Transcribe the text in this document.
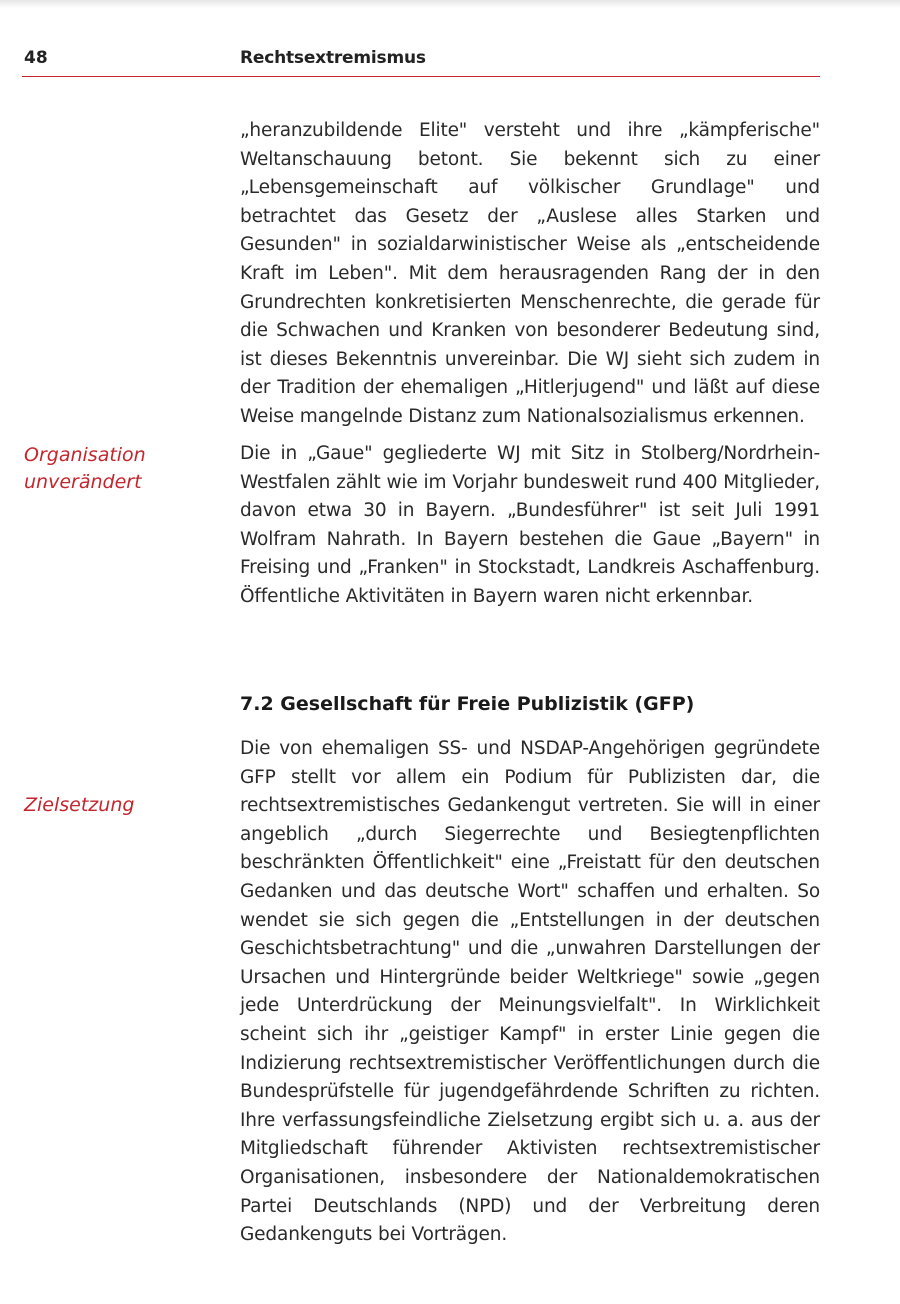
48	Rechtsextremismus

„heranzubildende Elite" versteht und ihre „kämpferische" Weltanschauung betont. Sie bekennt sich zu einer „Lebensgemeinschaft auf völkischer Grundlage" und betrachtet das Gesetz der „Auslese alles Starken und Gesunden" in sozialdarwinistischer Weise als „entscheidende Kraft im Leben". Mit dem herausragenden Rang der in den Grundrechten konkretisierten Menschenrechte, die gerade für die Schwachen und Kranken von besonderer Bedeutung sind, ist dieses Bekenntnis unvereinbar. Die WJ sieht sich zudem in der Tradition der ehemaligen „Hitlerjugend" und läßt auf diese Weise mangelnde Distanz zum Nationalsozialismus erkennen.

Organisation
unverändert

Die in „Gaue" gegliederte WJ mit Sitz in Stolberg/Nordrhein-Westfalen zählt wie im Vorjahr bundesweit rund 400 Mitglieder, davon etwa 30 in Bayern. „Bundesführer" ist seit Juli 1991 Wolfram Nahrath. In Bayern bestehen die Gaue „Bayern" in Freising und „Franken" in Stockstadt, Landkreis Aschaffenburg. Öffentliche Aktivitäten in Bayern waren nicht erkennbar.

7.2 Gesellschaft für Freie Publizistik (GFP)
Zielsetzung

Die von ehemaligen SS- und NSDAP-Angehörigen gegründete GFP stellt vor allem ein Podium für Publizisten dar, die rechtsextremistisches Gedankengut vertreten. Sie will in einer angeblich „durch Siegerrechte und Besiegtenpflichten beschränkten Öffentlichkeit" eine „Freistatt für den deutschen Gedanken und das deutsche Wort" schaffen und erhalten. So wendet sie sich gegen die „Entstellungen in der deutschen Geschichtsbetrachtung" und die „unwahren Darstellungen der Ursachen und Hintergründe beider Weltkriege" sowie „gegen jede Unterdrückung der Meinungsvielfalt". In Wirklichkeit scheint sich ihr „geistiger Kampf" in erster Linie gegen die Indizierung rechtsextremistischer Veröffentlichungen durch die Bundesprüfstelle für jugendgefährdende Schriften zu richten. Ihre verfassungsfeindliche Zielsetzung ergibt sich u. a. aus der Mitgliedschaft führender Aktivisten rechtsextremistischer Organisationen, insbesondere der Nationaldemokratischen Partei Deutschlands (NPD) und der Verbreitung deren Gedankenguts bei Vorträgen.
